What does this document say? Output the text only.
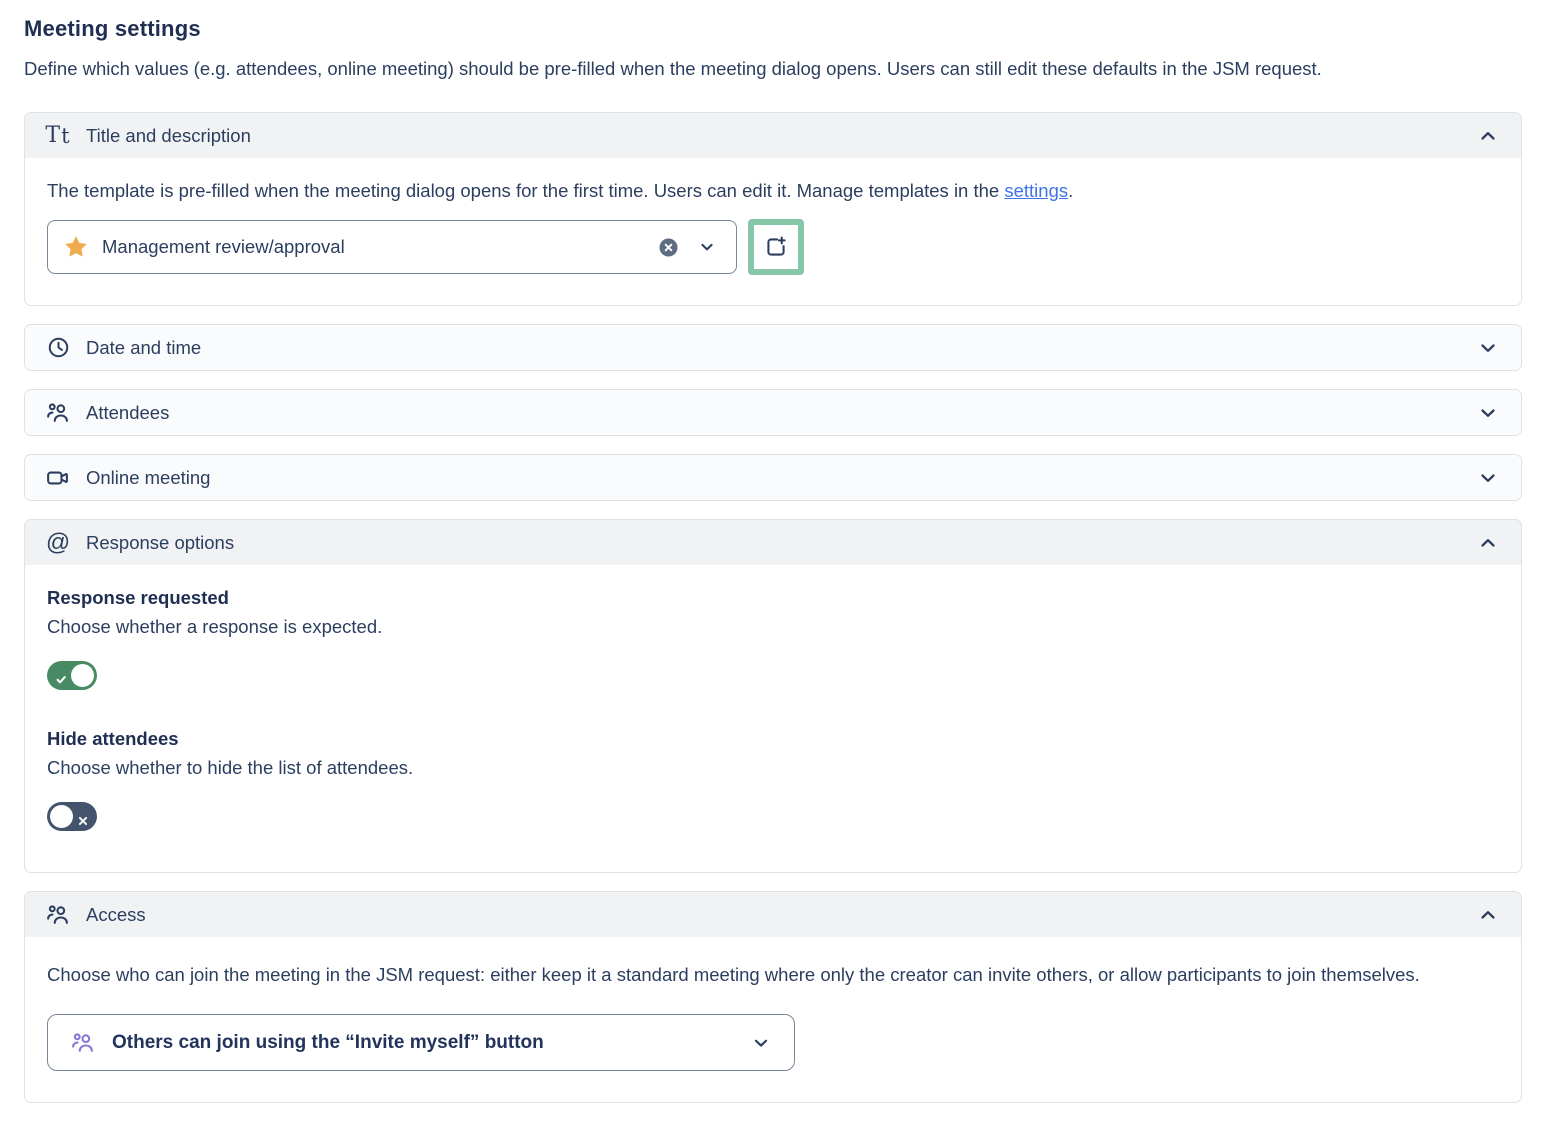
Meeting settings

Define which values (e.g. attendees, online meeting) should be pre-filled when the meeting dialog opens. Users can still edit these defaults in the JSM request.

T t Title and description

The template is pre-filled when the meeting dialog opens for the first time. Users can edit it. Manage templates in the settings.

Management review/approval
Date and time
Attendees
Online meeting
@ Response options

Response requested

Choose whether a response is expected.

Hide attendees

Choose whether to hide the list of attendees.

Access

Choose who can join the meeting in the JSM request: either keep it a standard meeting where only the creator can invite others, or allow participants to join themselves.

Others can join using the “Invite myself” button
